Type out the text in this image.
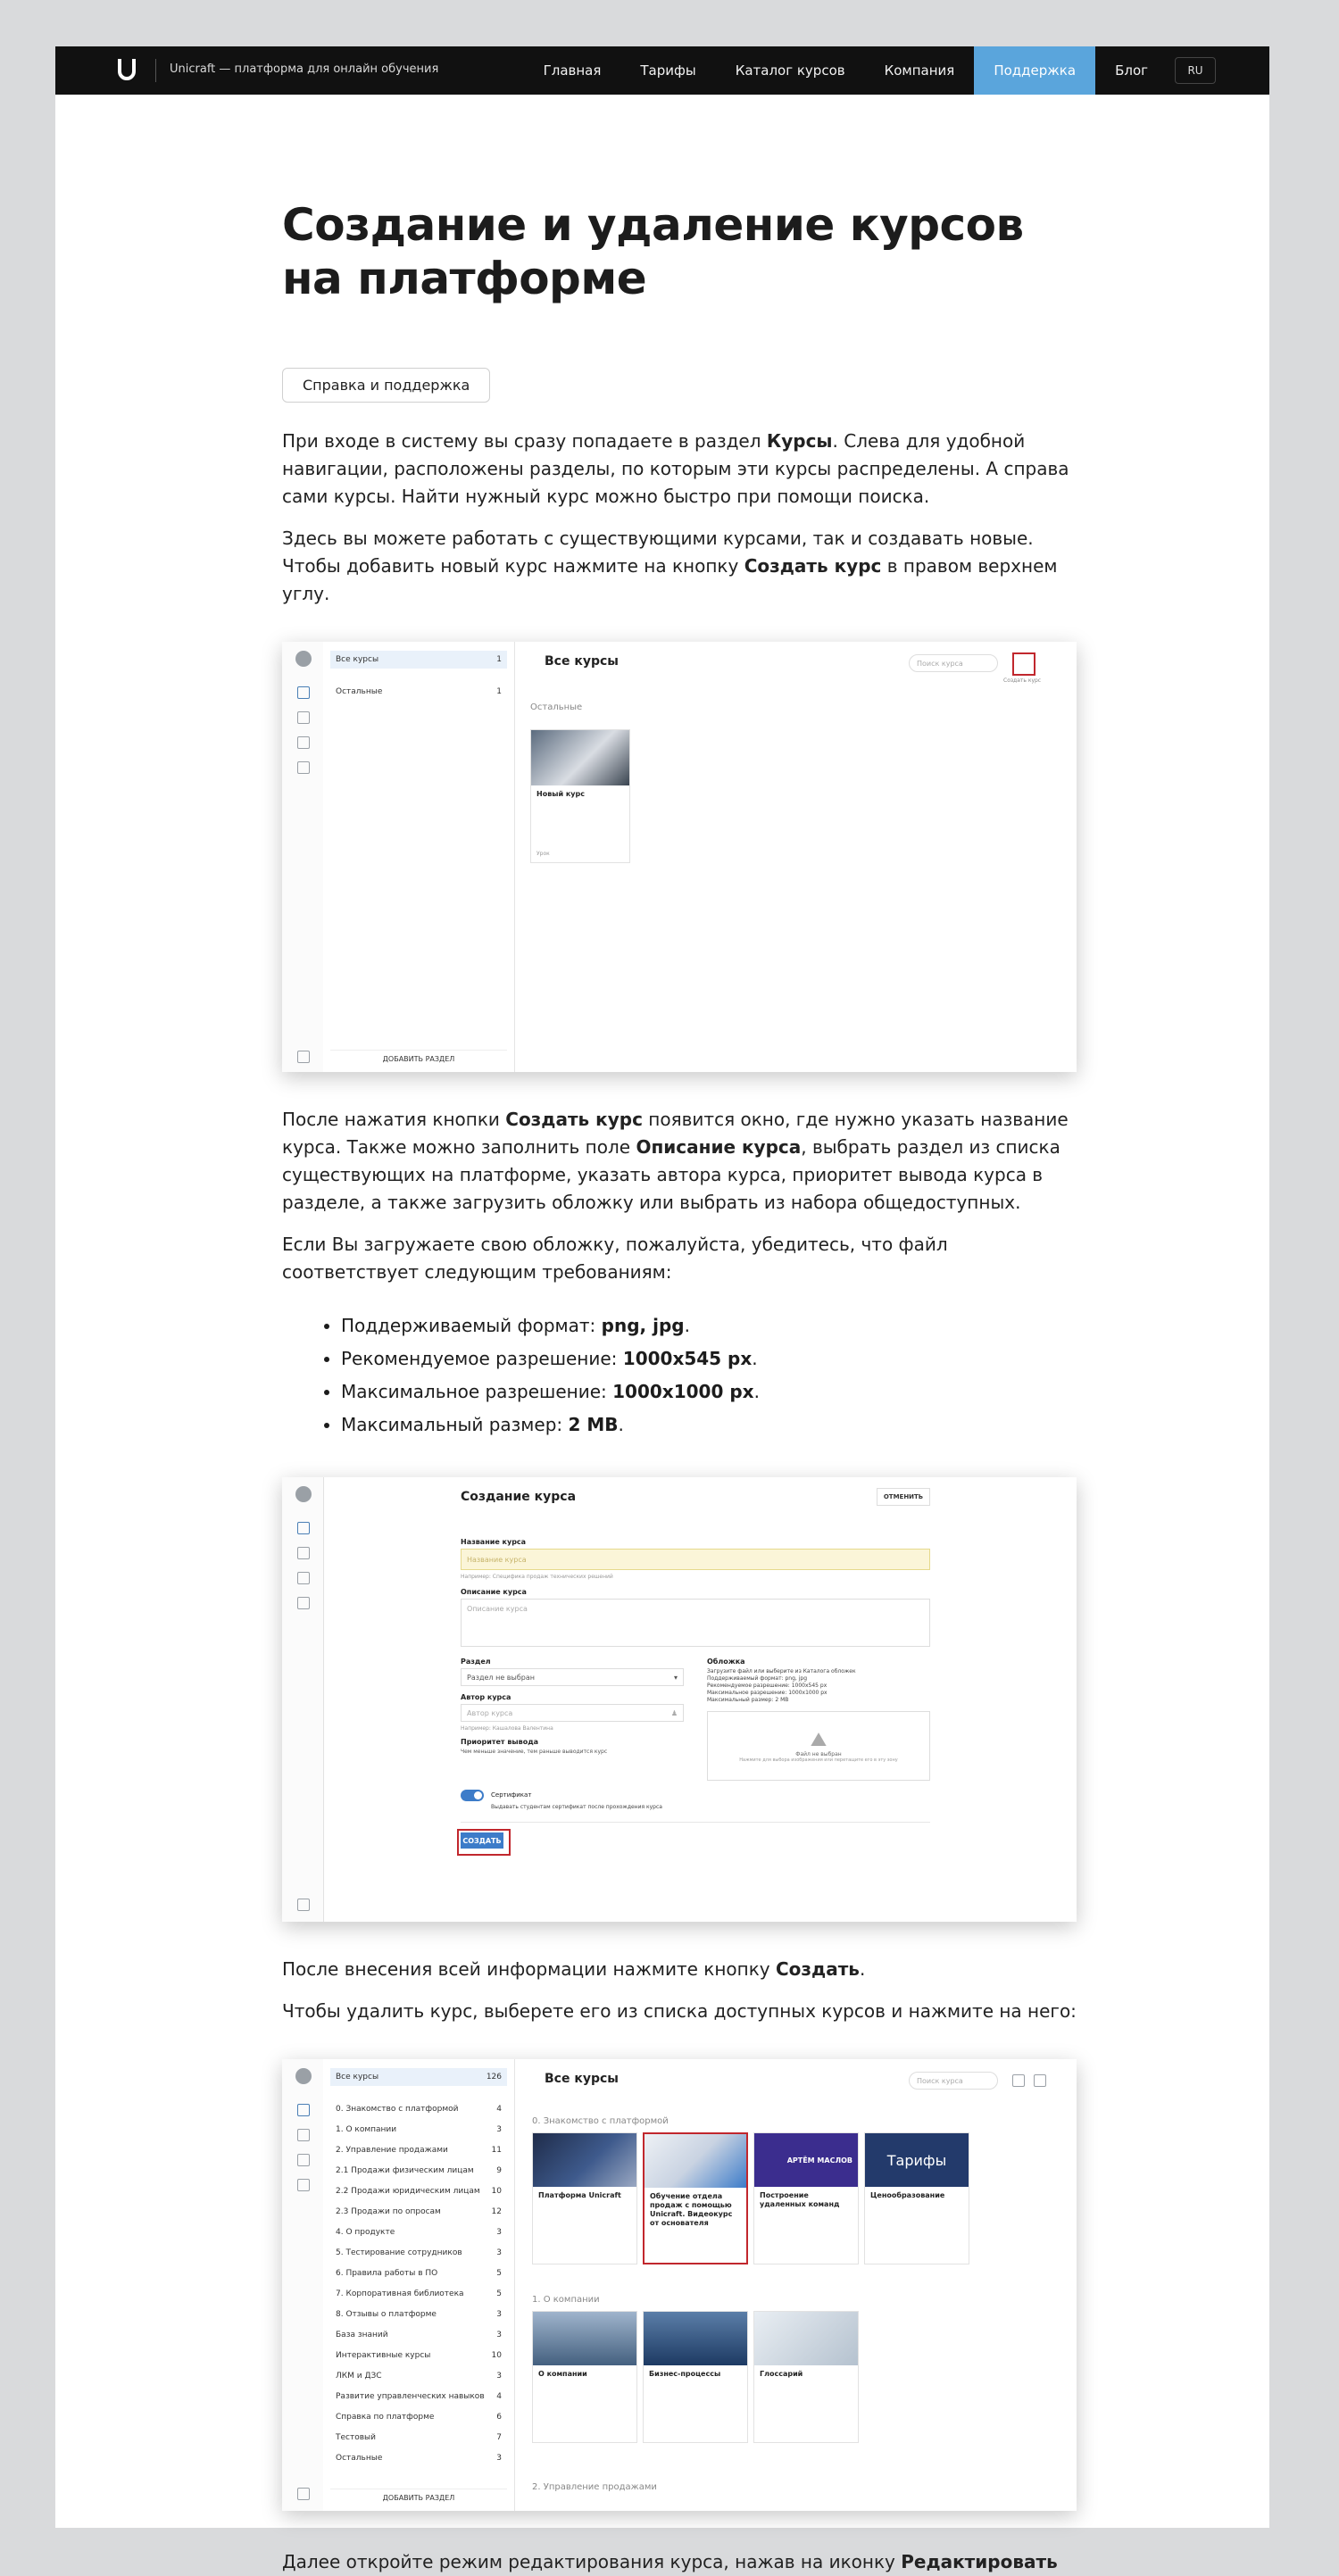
Unicraft — платформа для онлайн обучения	Главная	Тарифы	Каталог курсов	Компания	Поддержка	Блог	RU
Создание и удаление курсов на платформе
Справка и поддержка

При входе в систему вы сразу попадаете в раздел Курсы. Слева для удобной навигации, расположены разделы, по которым эти курсы распределены. А справа сами курсы. Найти нужный курс можно быстро при помощи поиска.

Здесь вы можете работать с существующими курсами, так и создавать новые. Чтобы добавить новый курс нажмите на кнопку Создать курс в правом верхнем углу.

Все курсы	1
Остальные	1
ДОБАВИТЬ РАЗДЕЛ
Все курсы	Поиск курса
Создать курс
Остальные
Новый курс
Урок

После нажатия кнопки Создать курс появится окно, где нужно указать название курса. Также можно заполнить поле Описание курса, выбрать раздел из списка существующих на платформе, указать автора курса, приоритет вывода курса в разделе, а также загрузить обложку или выбрать из набора общедоступных.

Если Вы загружаете свою обложку, пожалуйста, убедитесь, что файл соответствует следующим требованиям:

• Поддерживаемый формат: png, jpg.
• Рекомендуемое разрешение: 1000x545 px.
• Максимальное разрешение: 1000x1000 px.
• Максимальный размер: 2 MB.
Создание курса	ОТМЕНИТЬ
Название курса
Название курса
Например: Специфика продаж технических решений
Описание курса
Описание курса
Раздел
Раздел не выбран	▾
Автор курса
Автор курса	♟
Например: Кашалова Валентина
Приоритет вывода
Чем меньше значение, тем раньше выводится курс
Обложка
Загрузите файл или выберите из Каталога обложек
Поддерживаемый формат: png, jpg
Рекомендуемое разрешение: 1000x545 px
Максимальное разрешение: 1000x1000 px
Максимальный размер: 2 MB
⛰
Файл не выбран
Нажмите для выбора изображения или перетащите его в эту зону
Сертификат
Выдавать студентам сертификат после прохождения курса
СОЗДАТЬ

После внесения всей информации нажмите кнопку Создать.

Чтобы удалить курс, выберете его из списка доступных курсов и нажмите на него:

Все курсы	126
0. Знакомство с платформой	4
1. О компании	3
2. Управление продажами	11
2.1 Продажи физическим лицам	9
2.2 Продажи юридическим лицам 10
2.3 Продажи по опросам	12
4. О продукте	3
5. Тестирование сотрудников	3
6. Правила работы в ПО	5
7. Корпоративная библиотека	5
8. Отзывы о платформе	3
База знаний	3
Интерактивные курсы	10
ЛКМ и ДЗС	3
Развитие управленческих навыков 4
Справка по платформе	6
Тестовый	7
Остальные	3
ДОБАВИТЬ РАЗДЕЛ
Все курсы	Поиск курса
0. Знакомство с платформой
Платформа Unicraft	Обучение отдела продаж с помощью Unicraft. Видеокурс от основателя
АРТЁМ МАСЛОВ
Построение удаленных команд
Тарифы
Ценообразование
1. О компании
О компании	Бизнес-процессы	Глоссарий
2. Управление продажами

Далее откройте режим редактирования курса, нажав на иконку Редактировать
